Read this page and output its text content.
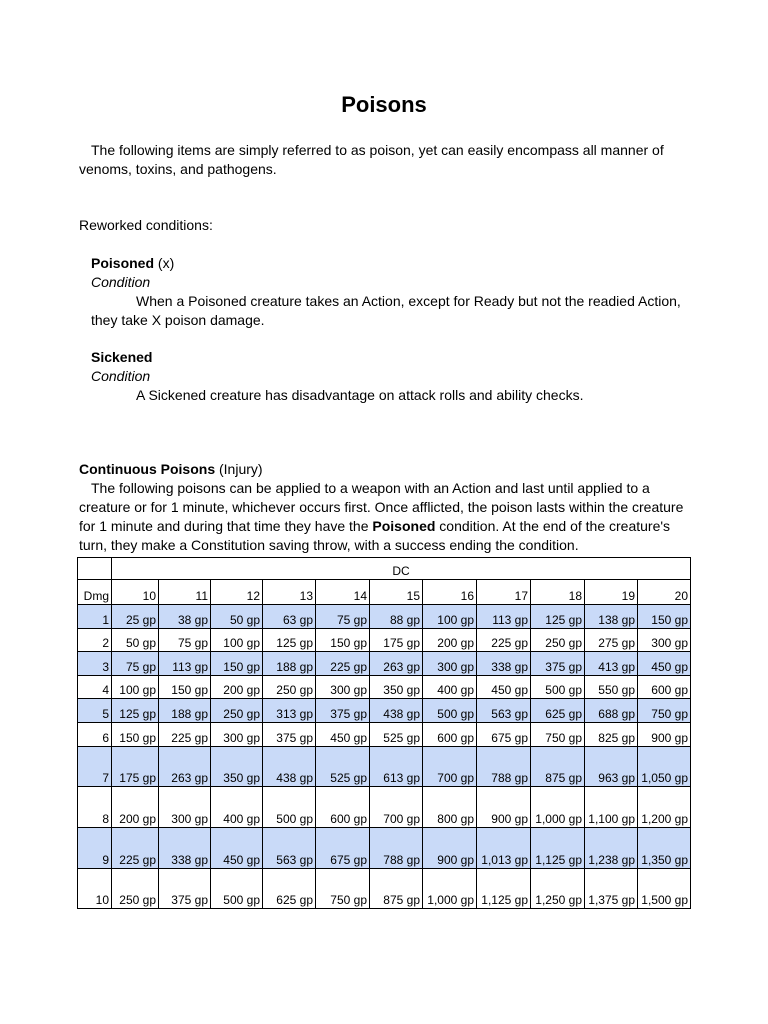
Poisons
The following items are simply referred to as poison, yet can easily encompass all manner of venoms, toxins, and pathogens.
Reworked conditions:
Poisoned (x)
Condition
When a Poisoned creature takes an Action, except for Ready but not the readied Action, they take X poison damage.
Sickened
Condition
A Sickened creature has disadvantage on attack rolls and ability checks.
Continuous Poisons (Injury)
The following poisons can be applied to a weapon with an Action and last until applied to a creature or for 1 minute, whichever occurs first. Once afflicted, the poison lasts within the creature for 1 minute and during that time they have the Poisoned condition. At the end of the creature's turn, they make a Constitution saving throw, with a success ending the condition.
	DC										
Dmg	10	11	12	13	14	15	16	17	18	19	20
1	25 gp	38 gp	50 gp	63 gp	75 gp	88 gp	100 gp	113 gp	125 gp	138 gp	150 gp
2	50 gp	75 gp	100 gp	125 gp	150 gp	175 gp	200 gp	225 gp	250 gp	275 gp	300 gp
3	75 gp	113 gp	150 gp	188 gp	225 gp	263 gp	300 gp	338 gp	375 gp	413 gp	450 gp
4	100 gp	150 gp	200 gp	250 gp	300 gp	350 gp	400 gp	450 gp	500 gp	550 gp	600 gp
5	125 gp	188 gp	250 gp	313 gp	375 gp	438 gp	500 gp	563 gp	625 gp	688 gp	750 gp
6	150 gp	225 gp	300 gp	375 gp	450 gp	525 gp	600 gp	675 gp	750 gp	825 gp	900 gp
7	175 gp	263 gp	350 gp	438 gp	525 gp	613 gp	700 gp	788 gp	875 gp	963 gp	1,050 gp
8	200 gp	300 gp	400 gp	500 gp	600 gp	700 gp	800 gp	900 gp	1,000 gp	1,100 gp	1,200 gp
9	225 gp	338 gp	450 gp	563 gp	675 gp	788 gp	900 gp	1,013 gp	1,125 gp	1,238 gp	1,350 gp
10	250 gp	375 gp	500 gp	625 gp	750 gp	875 gp	1,000 gp	1,125 gp	1,250 gp	1,375 gp	1,500 gp
